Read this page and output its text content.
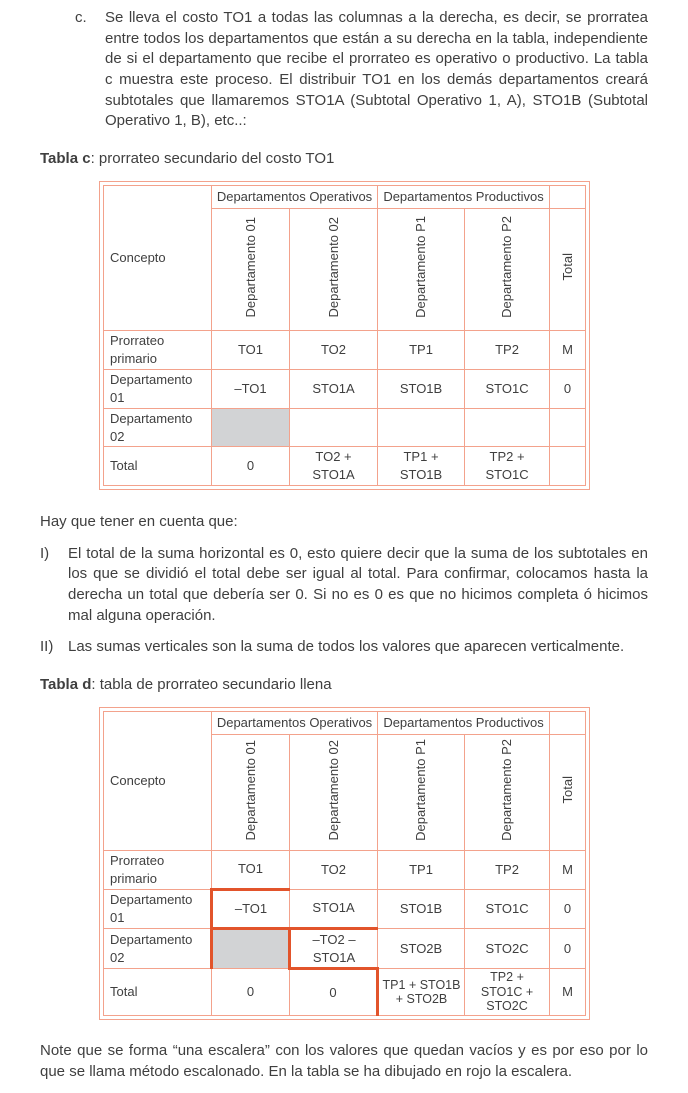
c.	Se lleva el costo TO1 a todas las columnas a la derecha, es decir, se prorratea entre todos los departamentos que están a su derecha en la tabla, independiente de si el departamento que recibe el prorrateo es operativo o productivo. La tabla c muestra este proceso. El distribuir TO1 en los demás departamentos creará subtotales que llamaremos STO1A (Subtotal Operativo 1, A), STO1B (Subtotal Operativo 1, B), etc..:

Tabla c: prorrateo secundario del costo TO1

Concepto	Departamentos Operativos		Departamentos Productivos		
	Departamento 01	Departamento 02	Departamento P1	Departamento P2	Total
Prorrateo primario	TO1	TO2	TP1	TP2	M
Departamento 01	–TO1	STO1A	STO1B	STO1C	0
Departamento 02					
Total	0	TO2 + STO1A	TP1 + STO1B	TP2 + STO1C	

Hay que tener en cuenta que:

I)	El total de la suma horizontal es 0, esto quiere decir que la suma de los subtotales en los que se dividió el total debe ser igual al total. Para confirmar, colocamos hasta la derecha un total que debería ser 0. Si no es 0 es que no hicimos completa ó hicimos mal alguna operación.
II) Las sumas verticales son la suma de todos los valores que aparecen verticalmente.

Tabla d: tabla de prorrateo secundario llena

Concepto	Departamentos Operativos		Departamentos Productivos		
	Departamento 01	Departamento 02	Departamento P1	Departamento P2	Total
Prorrateo primario	TO1	TO2	TP1	TP2	M
Departamento 01	–TO1	STO1A	STO1B	STO1C	0
Departamento 02		–TO2 – STO1A	STO2B	STO2C	0
Total	0	0	TP1 + STO1B + STO2B	TP2 + STO1C + STO2C	M

Note que se forma “una escalera” con los valores que quedan vacíos y es por eso por lo que se llama método escalonado. En la tabla se ha dibujado en rojo la escalera.
